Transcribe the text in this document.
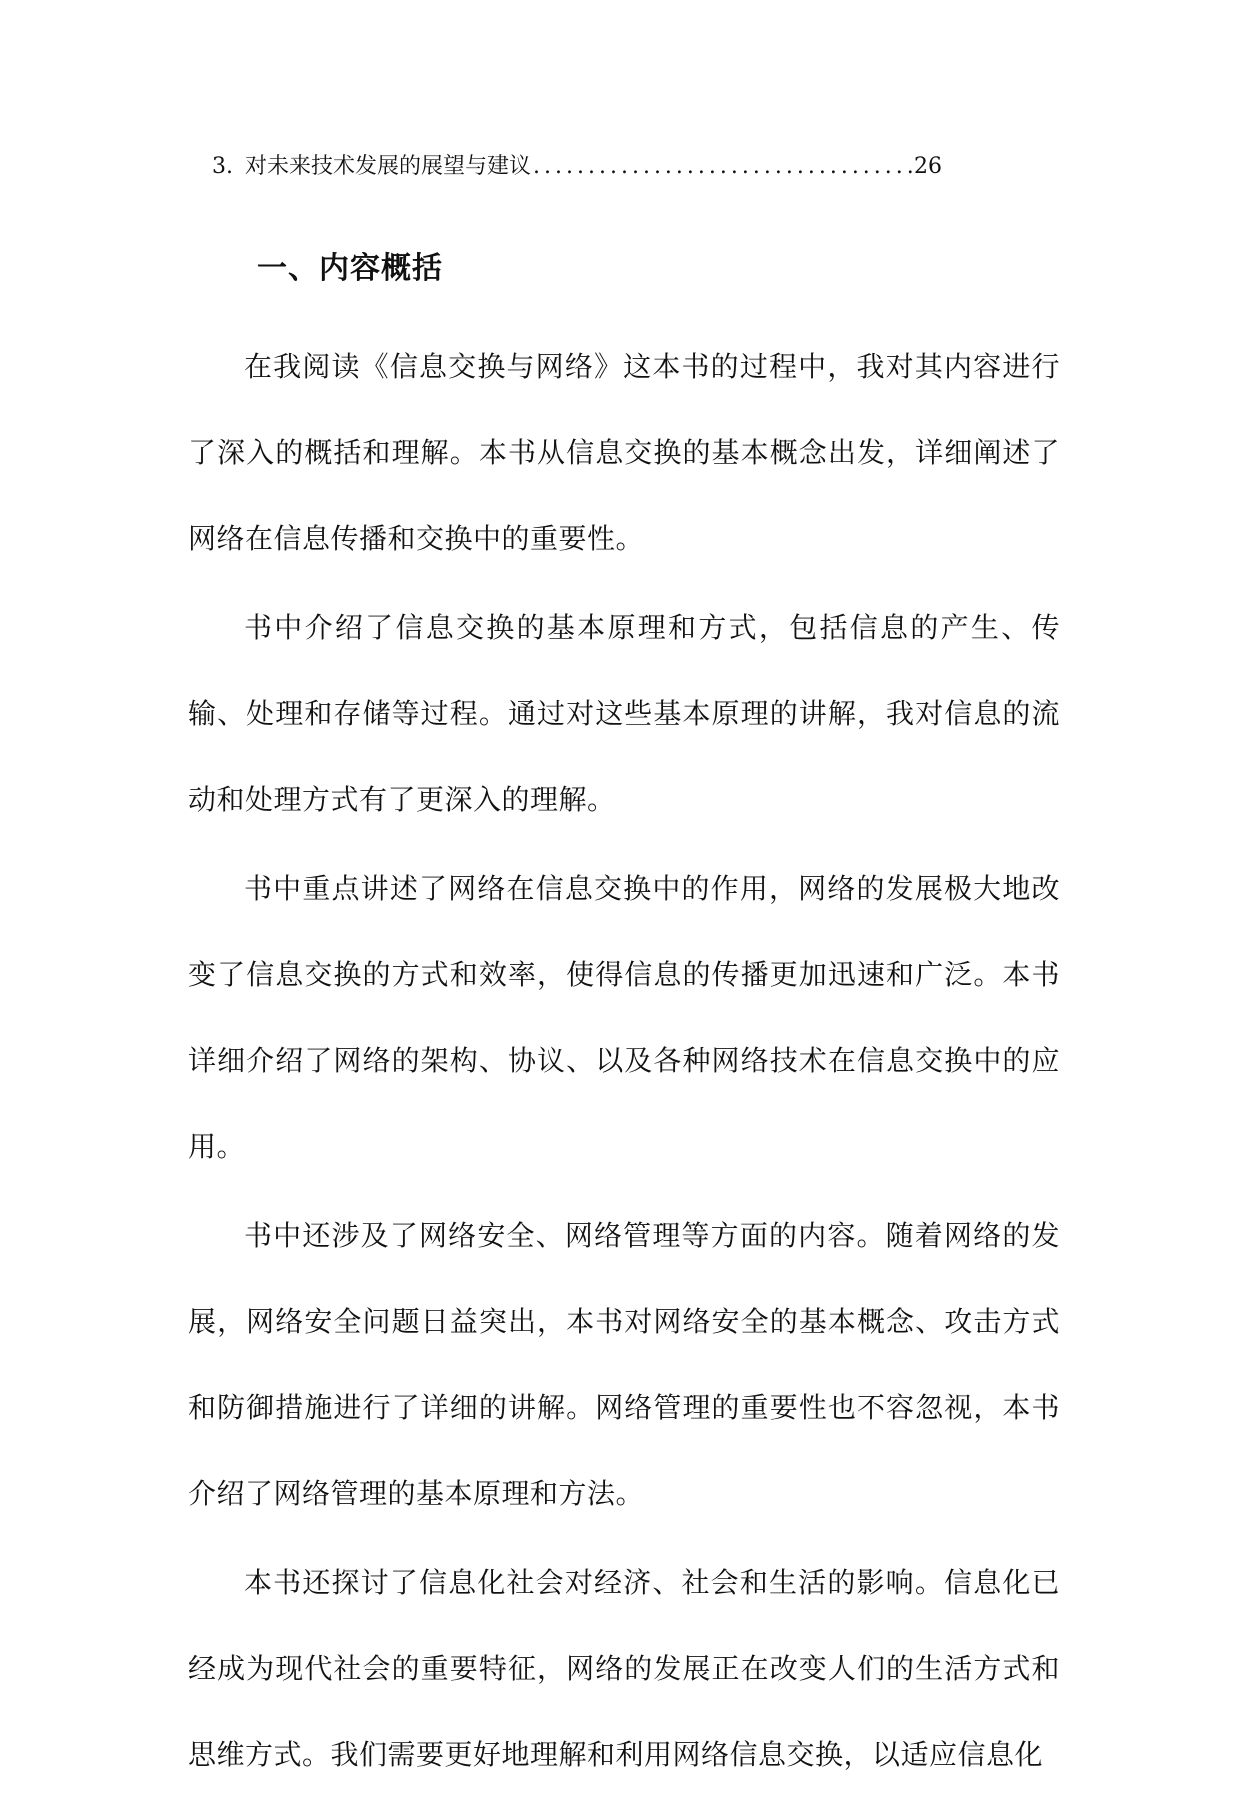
3. 对未来技术发展的展望与建议
.....	26
一、内容概括

在我阅读《信息交换与网络》这本书的过程中，我对其内容进行了深入的概括和理解。本书从信息交换的基本概念出发，详细阐述了网络在信息传播和交换中的重要性。

书中介绍了信息交换的基本原理和方式，包括信息的产生、传输、处理和存储等过程。通过对这些基本原理的讲解，我对信息的流动和处理方式有了更深入的理解。

书中重点讲述了网络在信息交换中的作用，网络的发展极大地改变了信息交换的方式和效率，使得信息的传播更加迅速和广泛。本书详细介绍了网络的架构、协议、以及各种网络技术在信息交换中的应用。

书中还涉及了网络安全、网络管理等方面的内容。随着网络的发展，网络安全问题日益突出，本书对网络安全的基本概念、攻击方式和防御措施进行了详细的讲解。网络管理的重要性也不容忽视，本书介绍了网络管理的基本原理和方法。

本书还探讨了信息化社会对经济、社会和生活的影响。信息化已经成为现代社会的重要特征，网络的发展正在改变人们的生活方式和思维方式。我们需要更好地理解和利用网络信息交换，以适应信息化
